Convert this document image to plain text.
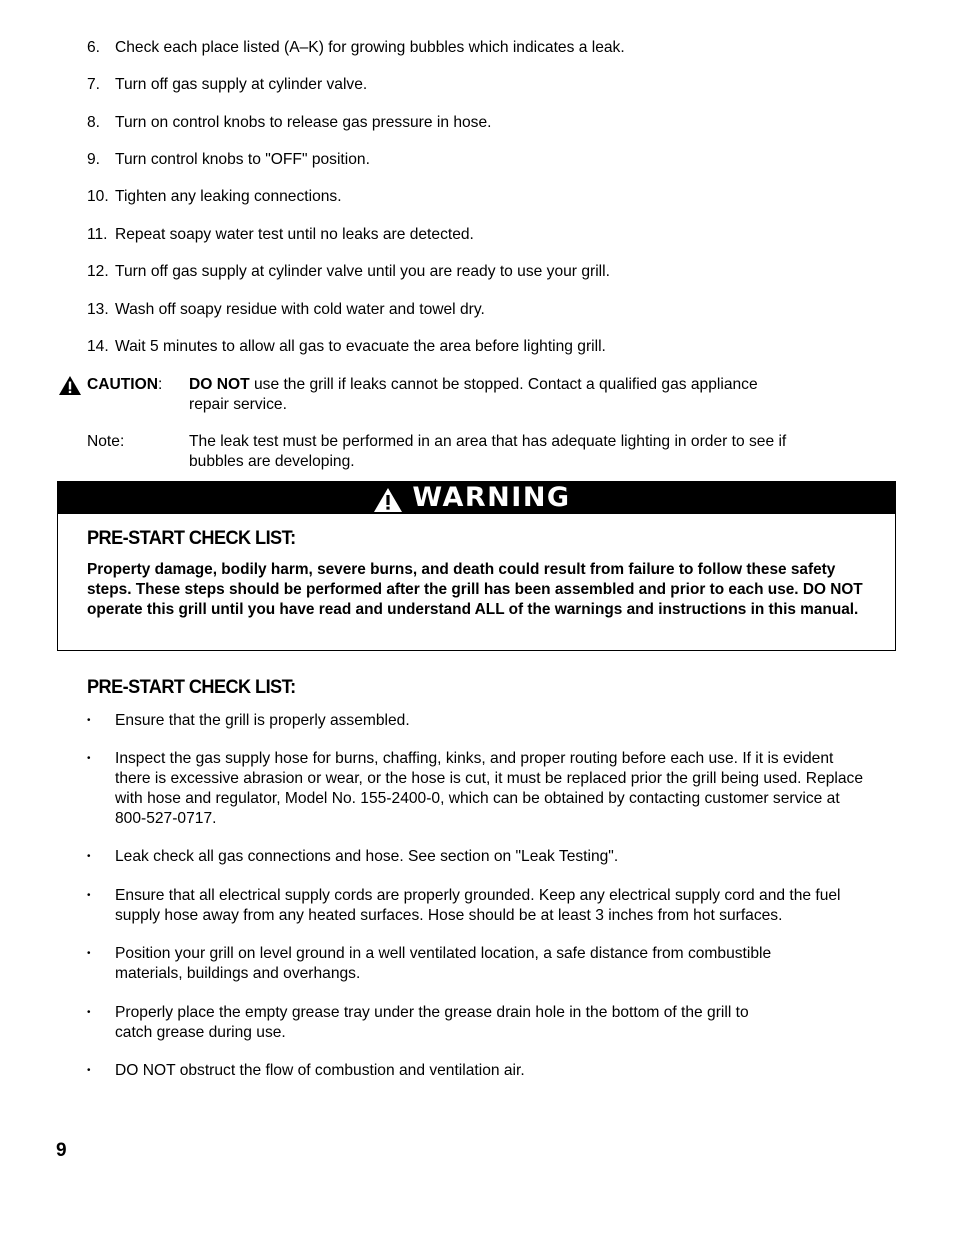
6. Check each place listed (A–K) for growing bubbles which indicates a leak.
7. Turn off gas supply at cylinder valve.
8. Turn on control knobs to release gas pressure in hose.
9. Turn control knobs to "OFF" position.
10. Tighten any leaking connections.
11. Repeat soapy water test until no leaks are detected.
12. Turn off gas supply at cylinder valve until you are ready to use your grill.
13. Wash off soapy residue with cold water and towel dry.
14. Wait 5 minutes to allow all gas to evacuate the area before lighting grill.
CAUTION: DO NOT use the grill if leaks cannot be stopped. Contact a qualified gas appliance
repair service.
Note:	The leak test must be performed in an area that has adequate lighting in order to see if
bubbles are developing.
WARNING
PRE-START CHECK LIST:
Property damage, bodily harm, severe burns, and death could result from failure to follow these safety steps. These steps should be performed after the grill has been assembled and prior to each use. DO NOT operate this grill until you have read and understand ALL of the warnings and instructions in this manual.
PRE-START CHECK LIST:
• Ensure that the grill is properly assembled.
• Inspect the gas supply hose for burns, chaffing, kinks, and proper routing before each use. If it is evident there is excessive abrasion or wear, or the hose is cut, it must be replaced prior the grill being used. Replace with hose and regulator, Model No. 155-2400-0, which can be obtained by contacting customer service at 800-527-0717.
• Leak check all gas connections and hose. See section on "Leak Testing".
• Ensure that all electrical supply cords are properly grounded. Keep any electrical supply cord and the fuel supply hose away from any heated surfaces. Hose should be at least 3 inches from hot surfaces.
• Position your grill on level ground in a well ventilated location, a safe distance from combustible materials, buildings and overhangs.
• Properly place the empty grease tray under the grease drain hole in the bottom of the grill to catch grease during use.
• DO NOT obstruct the flow of combustion and ventilation air.
9
